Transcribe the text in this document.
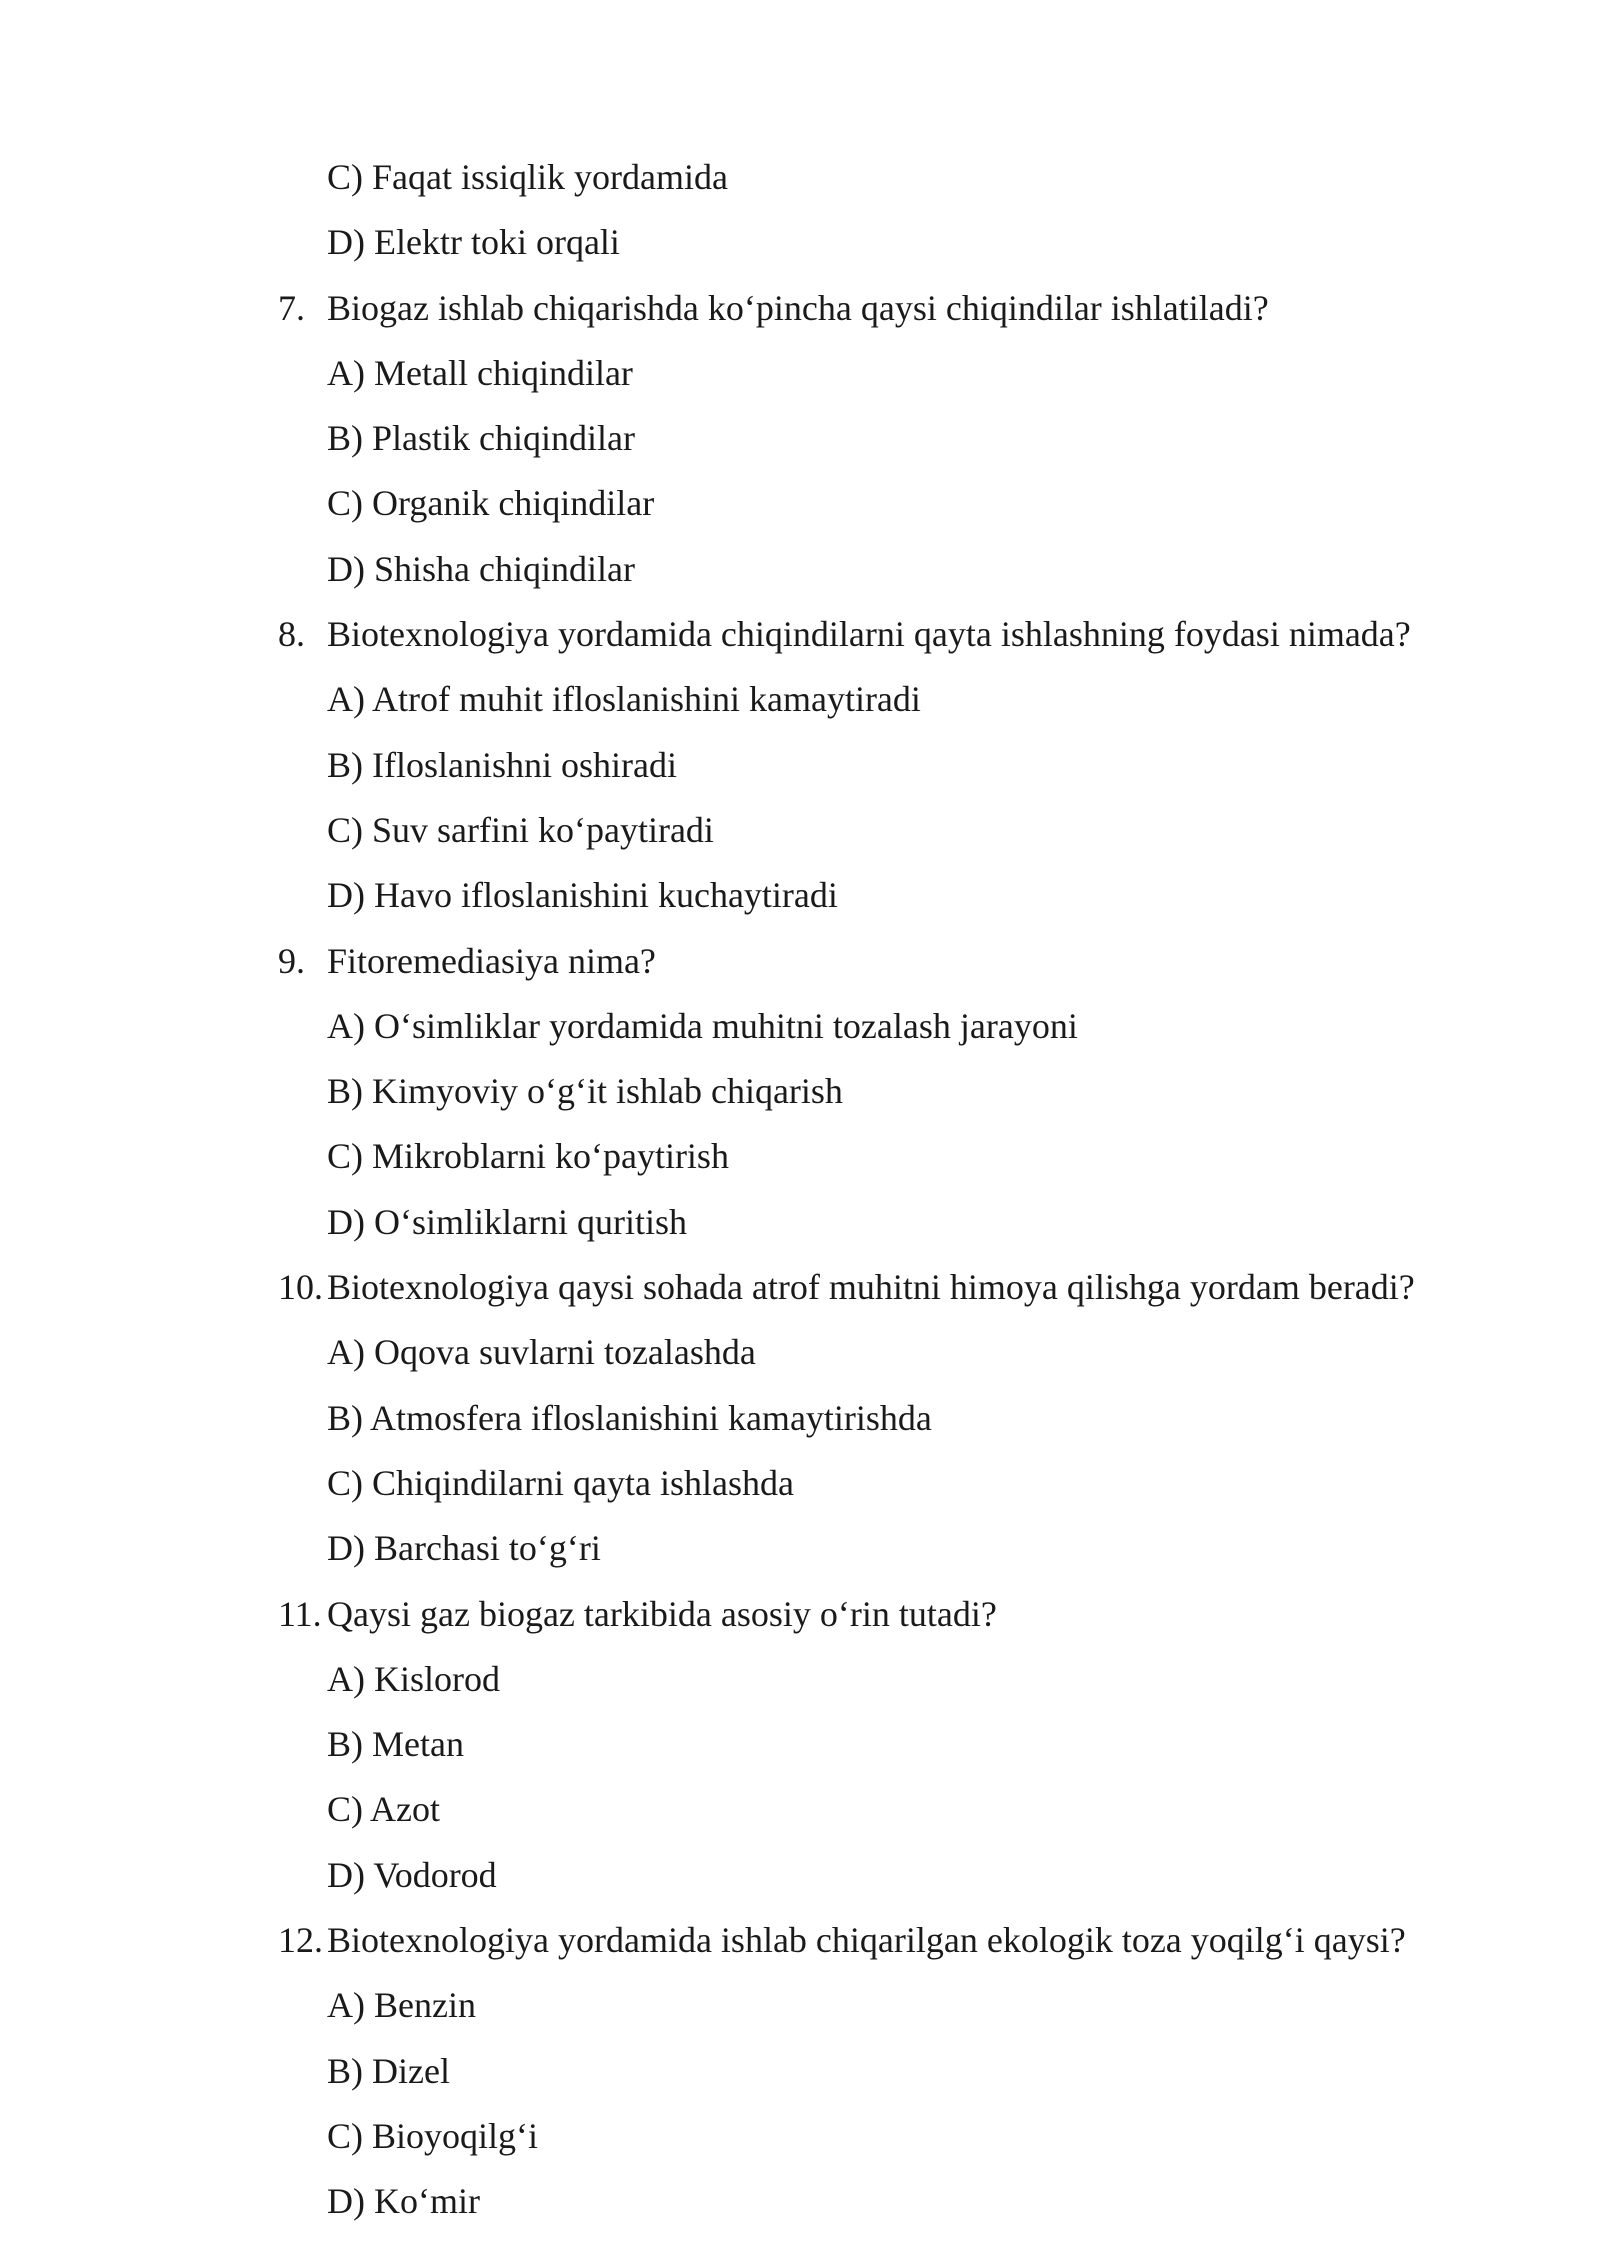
C) Faqat issiqlik yordamida
D) Elektr toki orqali
7. Biogaz ishlab chiqarishda ko‘pincha qaysi chiqindilar ishlatiladi?
A) Metall chiqindilar
B) Plastik chiqindilar
C) Organik chiqindilar
D) Shisha chiqindilar
8. Biotexnologiya yordamida chiqindilarni qayta ishlashning foydasi nimada?
A) Atrof muhit ifloslanishini kamaytiradi
B) Ifloslanishni oshiradi
C) Suv sarfini ko‘paytiradi
D) Havo ifloslanishini kuchaytiradi
9. Fitoremediasiya nima?
A) O‘simliklar yordamida muhitni tozalash jarayoni
B) Kimyoviy o‘g‘it ishlab chiqarish
C) Mikroblarni ko‘paytirish
D) O‘simliklarni quritish
10. Biotexnologiya qaysi sohada atrof muhitni himoya qilishga yordam beradi?
A) Oqova suvlarni tozalashda
B) Atmosfera ifloslanishini kamaytirishda
C) Chiqindilarni qayta ishlashda
D) Barchasi to‘g‘ri
11. Qaysi gaz biogaz tarkibida asosiy o‘rin tutadi?
A) Kislorod
B) Metan
C) Azot
D) Vodorod
12. Biotexnologiya yordamida ishlab chiqarilgan ekologik toza yoqilg‘i qaysi?
A) Benzin
B) Dizel
C) Bioyoqilg‘i
D) Ko‘mir
